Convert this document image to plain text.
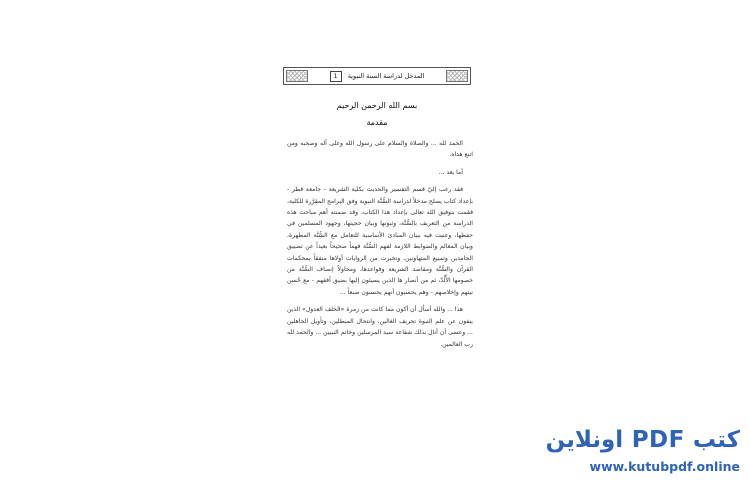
المدخل لدراسة السنة النبوية
1
بسم الله الرحمن الرحيم
مقدمة

الحمد لله ... والصلاة والسلام على رسول الله وعلى آله وصحبه ومن اتبع هداه.

أما بعد ...

فقد رغب إليّ قسم التفسير والحديث بكلية الشريعة - جامعة قطر - بإعداد كتاب يصلح مدخلاً لدراسة السُّنَّة النبوية وفق البرامج المقرَّرة للكلية، فقمت بتوفيق الله تعالى بإعداد هذا الكتاب، وقد ضمنته أهم مباحث هذه الدراسة من التعريف بالسُّنَّة، وثبوتها وبيان حجيتها، وجهود المسلمين في حفظها، وعنيت فيه ببيان المبادئ الأساسية للتعامل مع السُّنَّة المطهرة، وبيان المعالم والضوابط اللازمة لفهم السُّنَّة فهماً صحيحاً بعيداً عن تضييق الجامدين وتمييع المتهاونين، وتخيرت من الروايات أولاها متفقاً بمحكمات القرآن والسُّنَّة ومقاصد الشريعة وقواعدها، ومحاولاً إنصاف السُّنَّة من خصومها الأُلُدّ، ثم من أنصار ها الذين يسيئون إليها بضيق أفقهم - مع حُسن نيتهم وإخلاصهم - وهم يحسبون أنهم يحسنون صنعاً ...

هذا ... والله أسأل أن أكون مما كانت من زمرة «الخلف العدول» الذين ينفون عن علم النبوة تحريف الغالين، وانتحال المبطلين، وتأويل الجاهلين ... وعسى أن أنال بذلك شفاعة سيد المرسلين وخاتم النبيين ... والحمد لله رب العالمين.

كتب PDF اونلاين
www.kutubpdf.online
